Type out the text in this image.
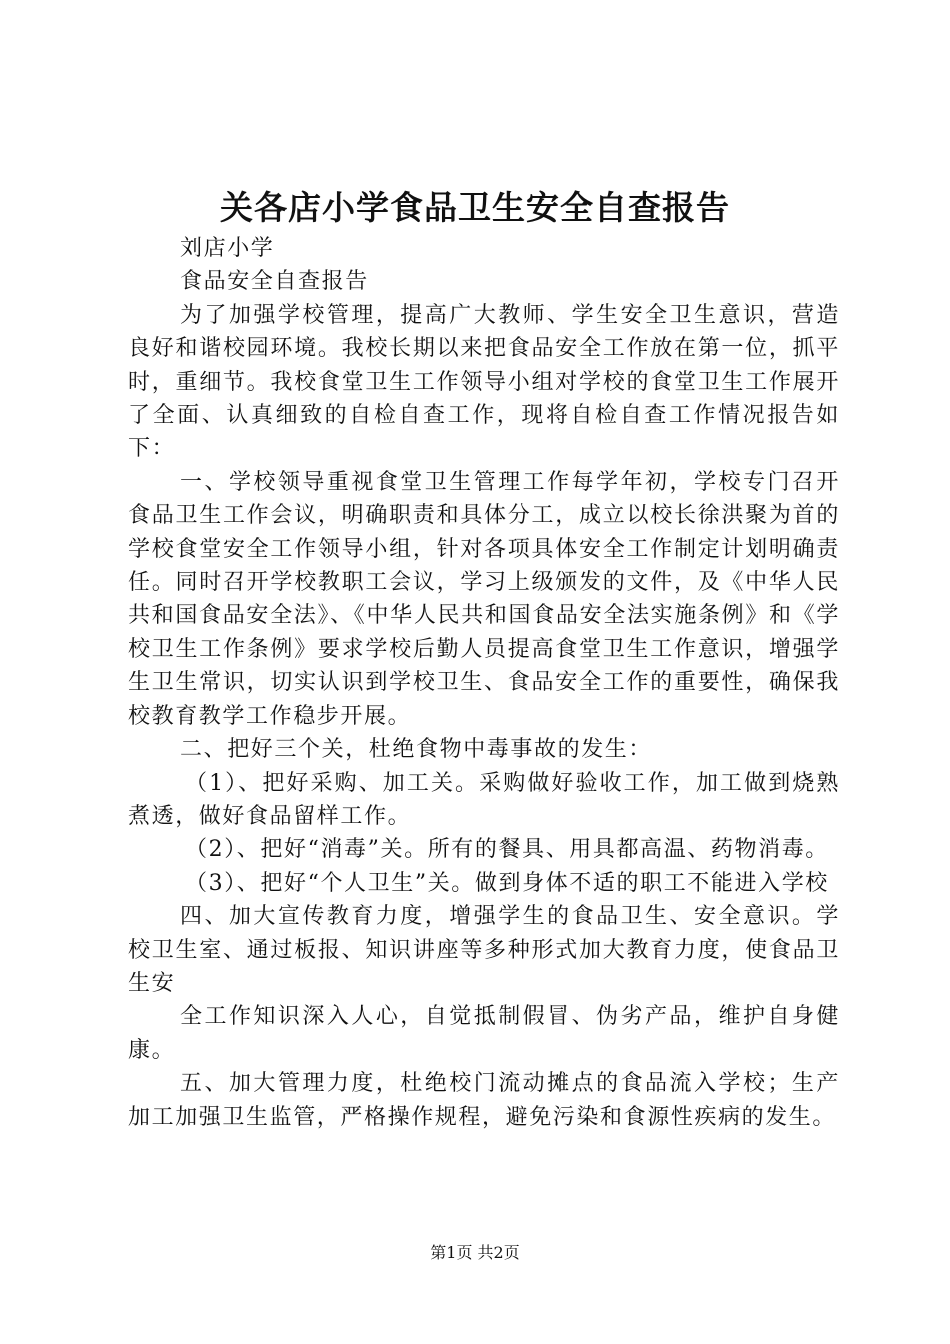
关各店小学食品卫生安全自查报告

刘店小学

食品安全自查报告

为了加强学校管理，提高广大教师、学生安全卫生意识，营造良好和谐校园环境。我校长期以来把食品安全工作放在第一位，抓平时，重细节。我校食堂卫生工作领导小组对学校的食堂卫生工作展开了全面、认真细致的自检自查工作，现将自检自查工作情况报告如下：

一、学校领导重视食堂卫生管理工作每学年初，学校专门召开食品卫生工作会议，明确职责和具体分工，成立以校长徐洪聚为首的学校食堂安全工作领导小组，针对各项具体安全工作制定计划明确责任。同时召开学校教职工会议，学习上级颁发的文件，及《中华人民共和国食品安全法》、《中华人民共和国食品安全法实施条例》和《学校卫生工作条例》要求学校后勤人员提高食堂卫生工作意识，增强学生卫生常识，切实认识到学校卫生、食品安全工作的重要性，确保我校教育教学工作稳步开展。

二、把好三个关，杜绝食物中毒事故的发生：

（1）、把好采购、加工关。采购做好验收工作，加工做到烧熟煮透，做好食品留样工作。

（2）、把好“消毒”关。所有的餐具、用具都高温、药物消毒。

（3）、把好“个人卫生”关。做到身体不适的职工不能进入学校

四、加大宣传教育力度，增强学生的食品卫生、安全意识。学校卫生室、通过板报、知识讲座等多种形式加大教育力度，使食品卫生安

全工作知识深入人心，自觉抵制假冒、伪劣产品，维护自身健康。

五、加大管理力度，杜绝校门流动摊点的食品流入学校；生产加工加强卫生监管，严格操作规程，避免污染和食源性疾病的发生。

第1页 共2页
